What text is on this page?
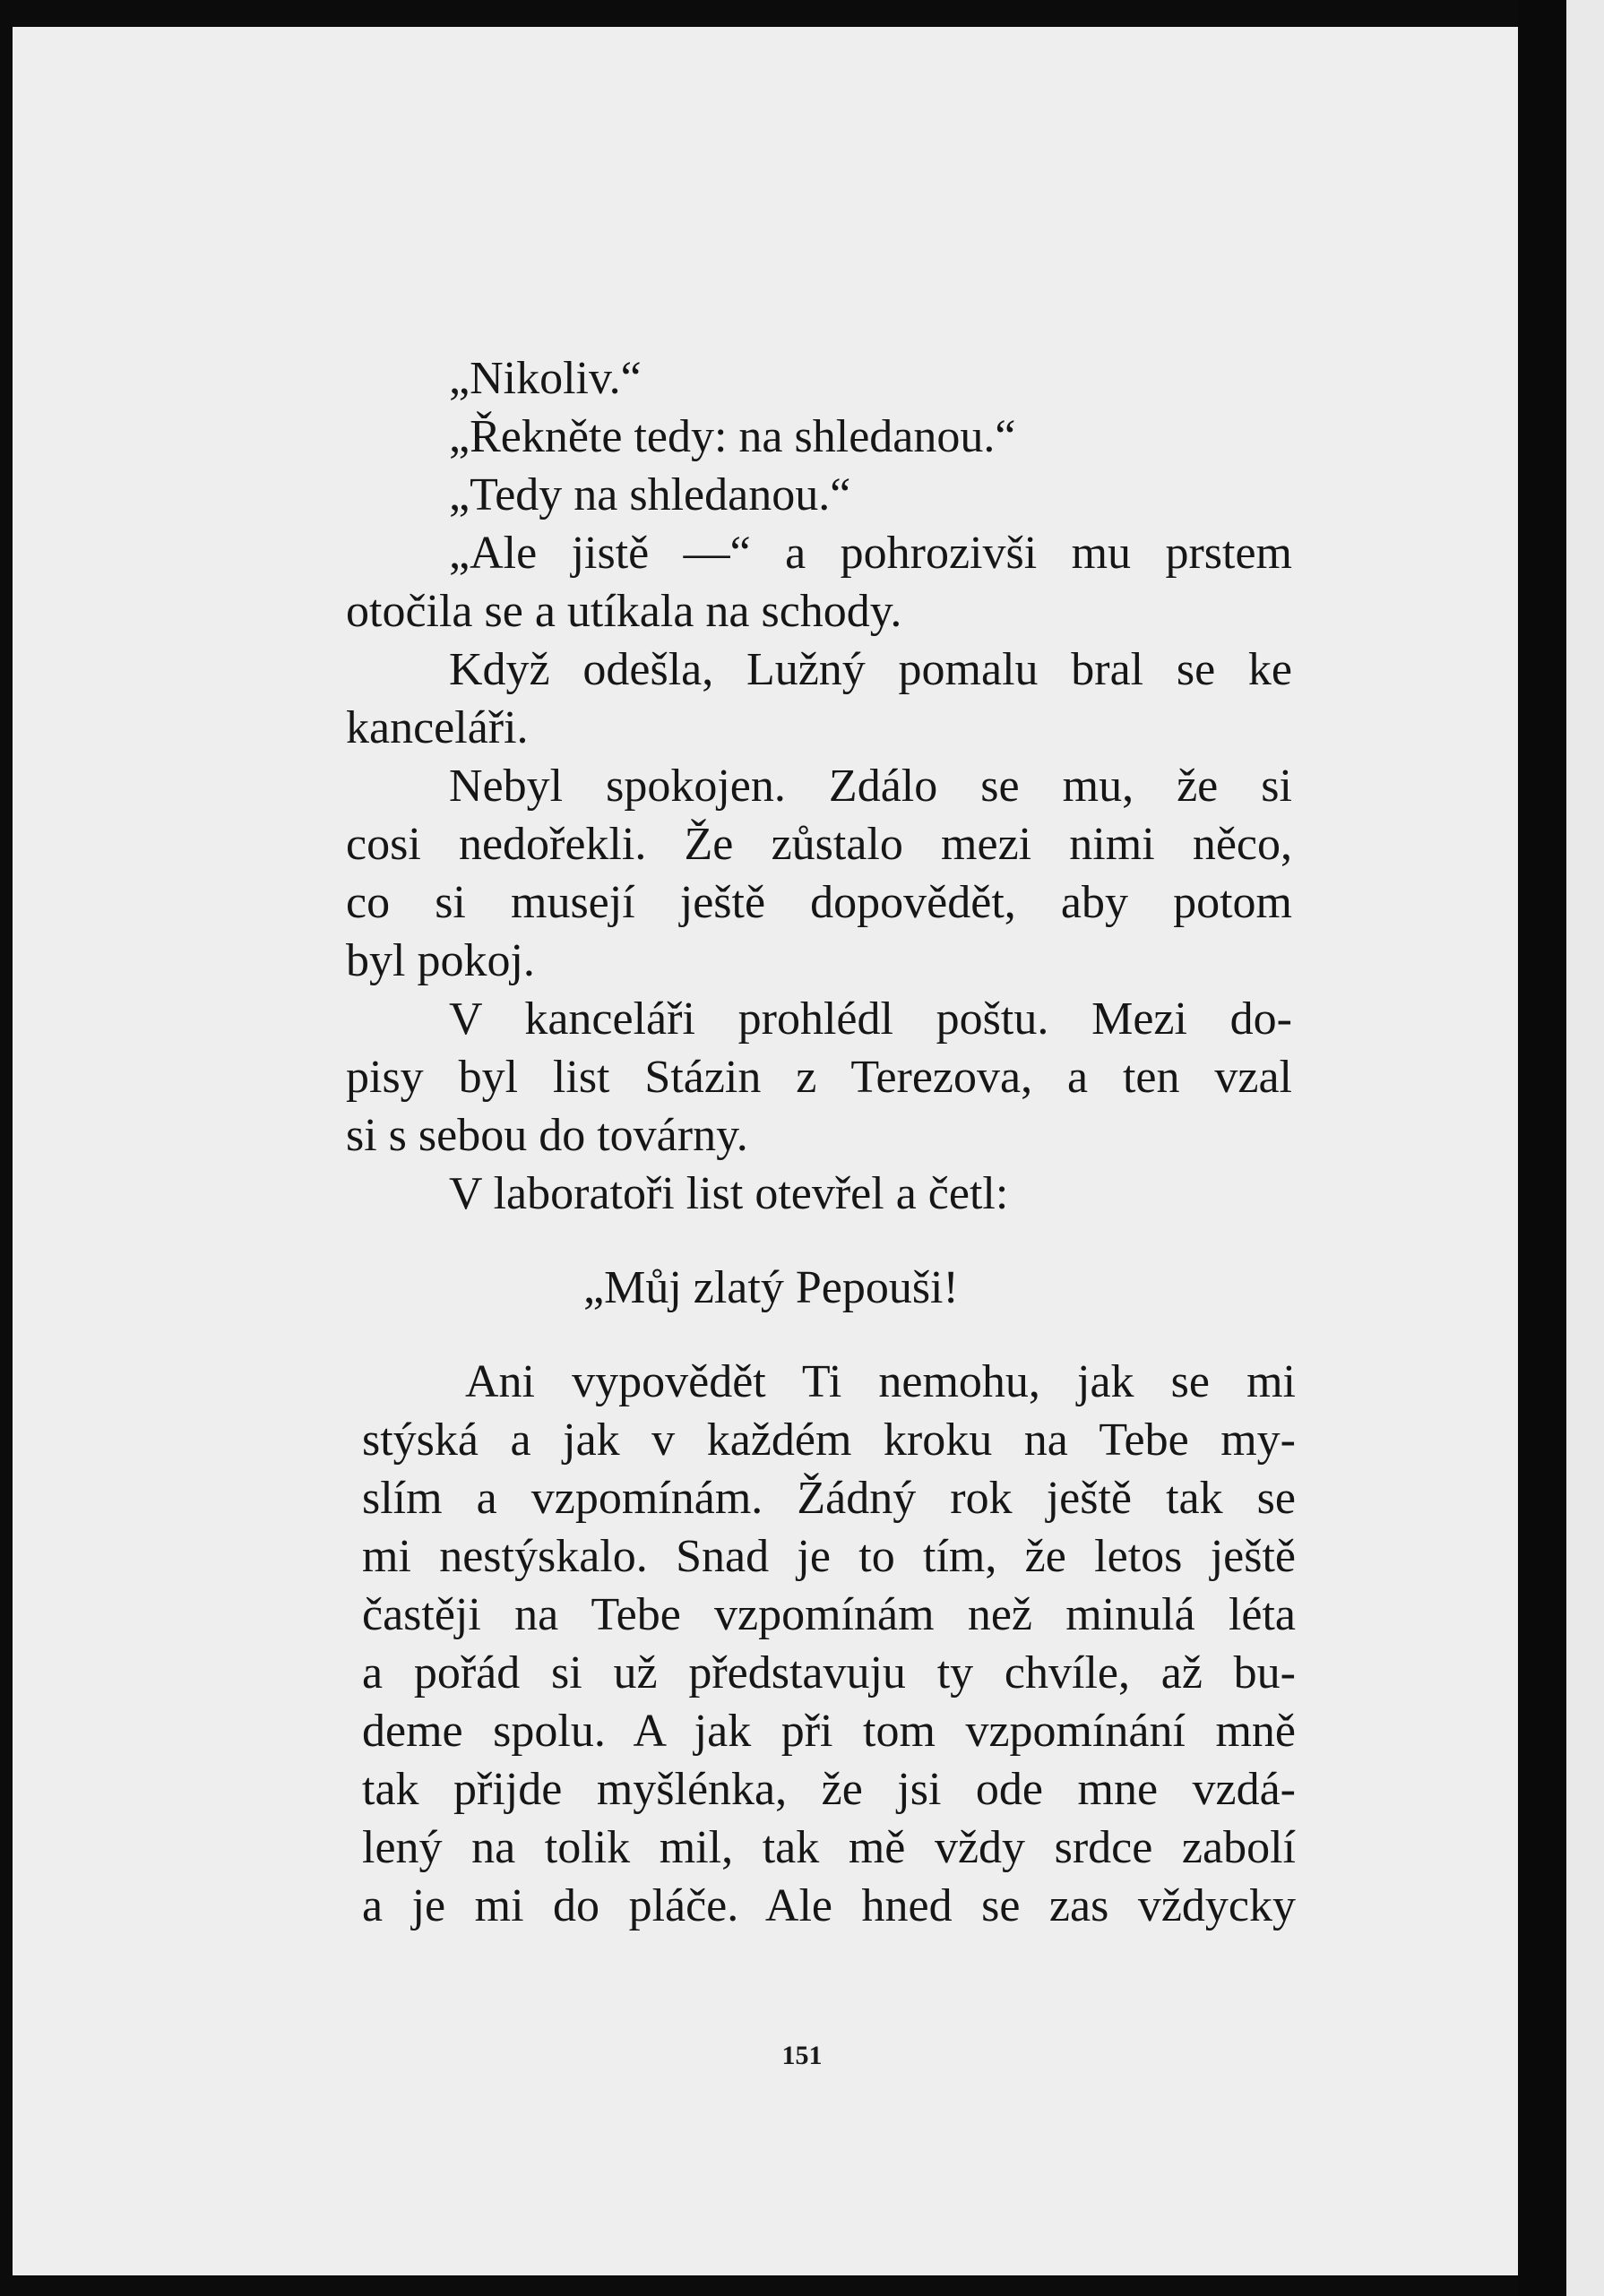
„Nikoliv.“
„Řekněte tedy: na shledanou.“
„Tedy na shledanou.“
„Ale jistě —“ a pohrozivši mu prstem
otočila se a utíkala na schody.
Když odešla, Lužný pomalu bral se ke
kanceláři.
Nebyl spokojen. Zdálo se mu, že si
cosi nedořekli. Že zůstalo mezi nimi něco,
co si musejí ještě dopovědět, aby potom
byl pokoj.
V kanceláři prohlédl poštu. Mezi do-
pisy byl list Stázin z Terezova, a ten vzal
si s sebou do továrny.
V laboratoři list otevřel a četl:
„Můj zlatý Pepouši!
Ani vypovědět Ti nemohu, jak se mi
stýská a jak v každém kroku na Tebe my-
slím a vzpomínám. Žádný rok ještě tak se
mi nestýskalo. Snad je to tím, že letos ještě
častěji na Tebe vzpomínám než minulá léta
a pořád si už představuju ty chvíle, až bu-
deme spolu. A jak při tom vzpomínání mně
tak přijde myšlénka, že jsi ode mne vzdá-
lený na tolik mil, tak mě vždy srdce zabolí
a je mi do pláče. Ale hned se zas vždycky
151
